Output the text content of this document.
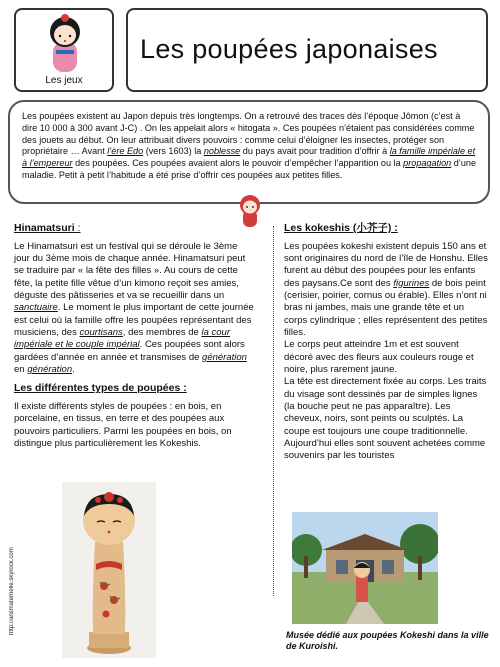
Les jeux
Les poupées japonaises
Les poupées existent au Japon depuis très longtemps. On a retrouvé des traces dès l’époque Jômon (c’est à dire 10 000 à 300 avant J-C) . On les appelait alors « hitogata ». Ces poupées n’étaient pas considérées comme des jouets au début. On leur attribuait divers pouvoirs : comme celui d’éloigner les insectes, protéger son propriétaire … Avant l’ère Edo (vers 1603) la noblesse du pays avait pour tradition d’offrir à la famille impériale et à l’empereur des poupées. Ces poupées avaient alors le pouvoir d’empêcher l’apparition ou la propagation d’une maladie. Petit à petit l’habitude a été prise d’offrir ces poupées aux petites filles.
Hinamatsuri :

Le Hinamatsuri est un festival qui se déroule le 3ème jour du 3ème mois de chaque année. Hinamatsuri peut se traduire par « la fête des filles ». Au cours de cette fête, la petite fille vêtue d’un kimono reçoit ses amies, déguste des pâtisseries et va se recueillir dans un sanctuaire. Le moment le plus important de cette journée est celui où la famille offre les poupées représentant des musiciens, des courtisans, des membres de la cour impériale et le couple impérial. Ces poupées sont alors gardées d’année en année et transmises de génération en génération.

Les différentes types de poupées :

Il existe différents styles de poupées : en bois, en porcelaine, en tissus, en terre et des poupées aux pouvoirs particuliers. Parmi les poupées en bois, on distingue plus particulièrement les Kokeshis.

Les kokeshis (小芥子) :

Les poupées kokeshi existent depuis 150 ans et sont originaires du nord de l’île de Honshu. Elles furent au début des poupées pour les enfants des paysans.Ce sont des figurines de bois peint (cerisier, poirier, cornus ou érable). Elles n’ont ni bras ni jambes, mais une grande tête et un corps cylindrique ; elles représentent des petites filles.

Le corps peut atteindre 1m et est souvent décoré avec des fleurs aux couleurs rouge et noire, plus rarement jaune.

La tête est directement fixée au corps. Les traits du visage sont dessinés par de simples lignes (la bouche peut ne pas apparaître). Les cheveux, noirs, sont peints ou sculptés. La coupe est toujours une coupe traditionnelle.

Aujourd’hui elles sont souvent achetées comme souvenirs par les touristes

http://ansmaternelle.skyrock.com	Musée dédié aux poupées Kokeshi dans la ville de Kuroishi.
